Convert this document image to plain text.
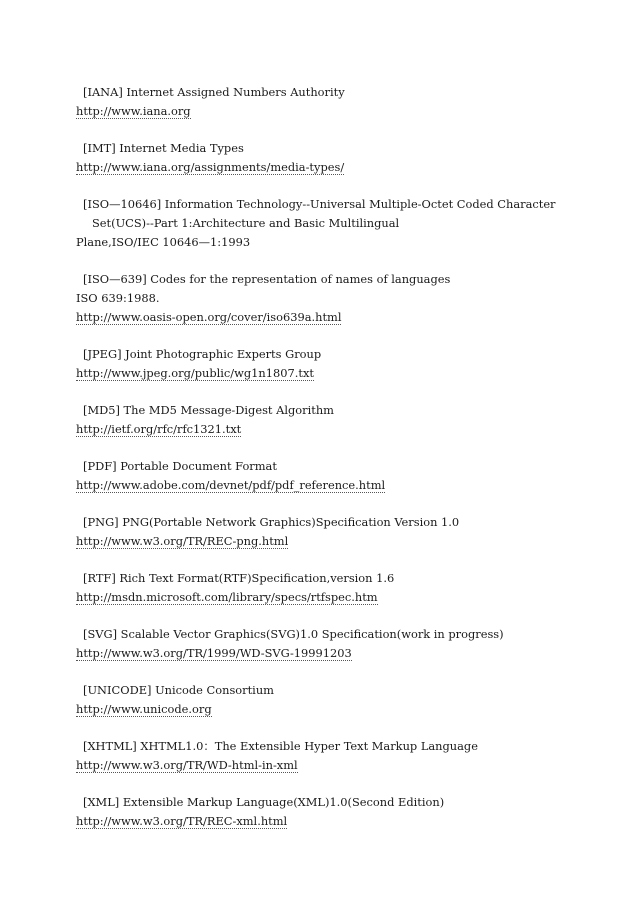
[IANA] Internet Assigned Numbers Authority
http://www.iana.org
[IMT] Internet Media Types
http://www.iana.org/assignments/media-types/
[ISO—10646] Information Technology--Universal Multiple-Octet Coded Character
Set(UCS)--Part 1:Architecture and Basic Multilingual
Plane,ISO/IEC 10646—1:1993
[ISO—639] Codes for the representation of names of languages
ISO 639:1988.
http://www.oasis-open.org/cover/iso639a.html
[JPEG] Joint Photographic Experts Group
http://www.jpeg.org/public/wg1n1807.txt
[MD5] The MD5 Message-Digest Algorithm
http://ietf.org/rfc/rfc1321.txt
[PDF] Portable Document Format
http://www.adobe.com/devnet/pdf/pdf_reference.html
[PNG] PNG(Portable Network Graphics)Specification Version 1.0
http://www.w3.org/TR/REC-png.html
[RTF] Rich Text Format(RTF)Specification,version 1.6
http://msdn.microsoft.com/library/specs/rtfspec.htm
[SVG] Scalable Vector Graphics(SVG)1.0 Specification(work in progress)
http://www.w3.org/TR/1999/WD-SVG-19991203
[UNICODE] Unicode Consortium
http://www.unicode.org
[XHTML] XHTML1.0：The Extensible Hyper Text Markup Language
http://www.w3.org/TR/WD-html-in-xml
[XML] Extensible Markup Language(XML)1.0(Second Edition)
http://www.w3.org/TR/REC-xml.html
